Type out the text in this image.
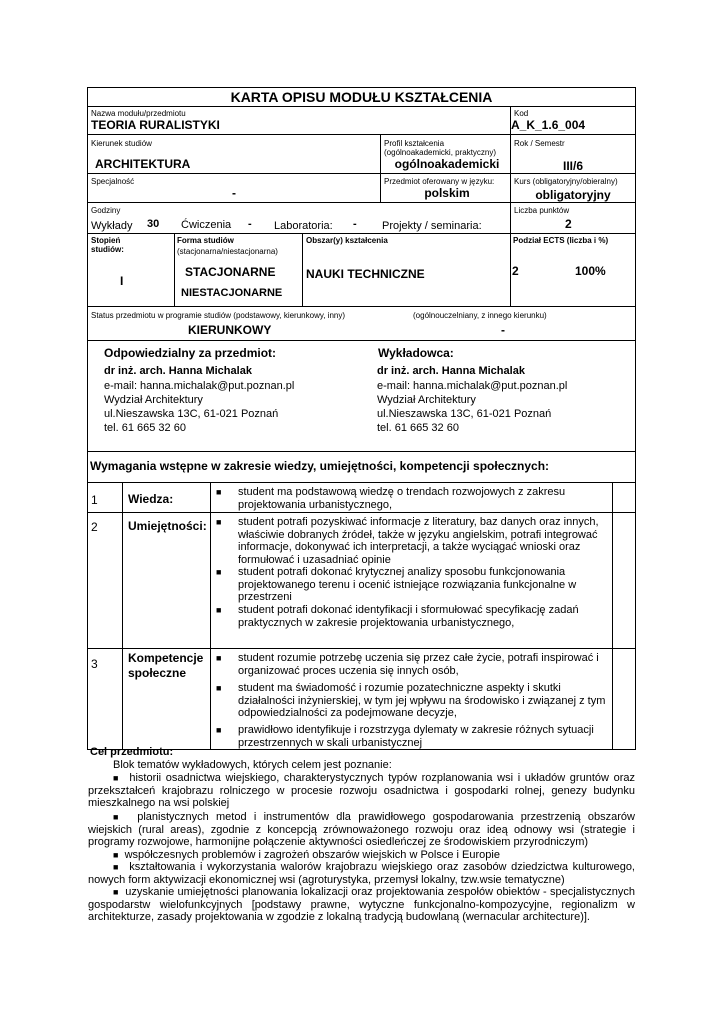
KARTA OPISU MODUŁU KSZTAŁCENIA
Nazwa modułu/przedmiotu
TEORIA RURALISTYKI
Kod
A_K_1.6_004
Kierunek studiów
ARCHITEKTURA
Profil kształcenia
(ogólnoakademicki, praktyczny)
ogólnoakademicki
Rok / Semestr
III/6
Specjalność
-
Przedmiot oferowany w języku:
polskim
Kurs (obligatoryjny/obieralny)
obligatoryjny
Godziny
Wykłady 30 Ćwiczenia - Laboratoria: - Projekty / seminaria:
Liczba punktów
2
Stopień
studiów:
I
Forma studiów
(stacjonarna/niestacjonarna)
STACJONARNE
NIESTACJONARNE
Obszar(y) kształcenia
NAUKI TECHNICZNE
Podział ECTS (liczba i %)
2	100%
Status przedmiotu w programie studiów (podstawowy, kierunkowy, inny)	(ogólnouczelniany, z innego kierunku)
KIERUNKOWY	-
Odpowiedzialny za przedmiot:
dr inż. arch. Hanna Michalak
e-mail: hanna.michalak@put.poznan.pl
Wydział Architektury
ul.Nieszawska 13C, 61-021 Poznań
tel. 61 665 32 60
Wykładowca:
dr inż. arch. Hanna Michalak
e-mail: hanna.michalak@put.poznan.pl
Wydział Architektury
ul.Nieszawska 13C, 61-021 Poznań
tel. 61 665 32 60
Wymagania wstępne w zakresie wiedzy, umiejętności, kompetencji społecznych:
1	Wiedza:	■ student ma podstawową wiedzę o trendach rozwojowych z zakresu projektowania urbanistycznego,
2	Umiejętności: ■ student potrafi pozyskiwać informacje z literatury, baz danych oraz innych, właściwie dobranych źródeł, także w języku angielskim, potrafi integrować informacje, dokonywać ich interpretacji, a także wyciągać wnioski oraz formułować i uzasadniać opinie
■ student potrafi dokonać krytycznej analizy sposobu funkcjonowania projektowanego terenu i ocenić istniejące rozwiązania funkcjonalne w przestrzeni
■ student potrafi dokonać identyfikacji i sformułować specyfikację zadań praktycznych w zakresie projektowania urbanistycznego,
3	Kompetencje
społeczne
■ student rozumie potrzebę uczenia się przez całe życie, potrafi inspirować i organizować proces uczenia się innych osób,
■ student ma świadomość i rozumie pozatechniczne aspekty i skutki działalności inżynierskiej, w tym jej wpływu na środowisko i związanej z tym odpowiedzialności za podejmowane decyzje,
■ prawidłowo identyfikuje i rozstrzyga dylematy w zakresie różnych sytuacji przestrzennych w skali urbanistycznej
Cel przedmiotu:
Blok tematów wykładowych, których celem jest poznanie:
■ historii osadnictwa wiejskiego, charakterystycznych typów rozplanowania wsi i układów gruntów oraz przekształceń krajobrazu rolniczego w procesie rozwoju osadnictwa i gospodarki rolnej, genezy budynku mieszkalnego na wsi polskiej
■ planistycznych metod i instrumentów dla prawidłowego gospodarowania przestrzenią obszarów wiejskich (rural areas), zgodnie z koncepcją zrównoważonego rozwoju oraz ideą odnowy wsi (strategie i programy rozwojowe, harmonijne połączenie aktywności osiedleńczej ze środowiskiem przyrodniczym)
■ współczesnych problemów i zagrożeń obszarów wiejskich w Polsce i Europie
■ kształtowania i wykorzystania walorów krajobrazu wiejskiego oraz zasobów dziedzictwa kulturowego, nowych form aktywizacji ekonomicznej wsi (agroturystyka, przemysł lokalny, tzw.wsie tematyczne)
■ uzyskanie umiejętności planowania lokalizacji oraz projektowania zespołów obiektów - specjalistycznych gospodarstw wielofunkcyjnych [podstawy prawne, wytyczne funkcjonalno-kompozycyjne, regionalizm w architekturze, zasady projektowania w zgodzie z lokalną tradycją budowlaną (wernacular architecture)].
